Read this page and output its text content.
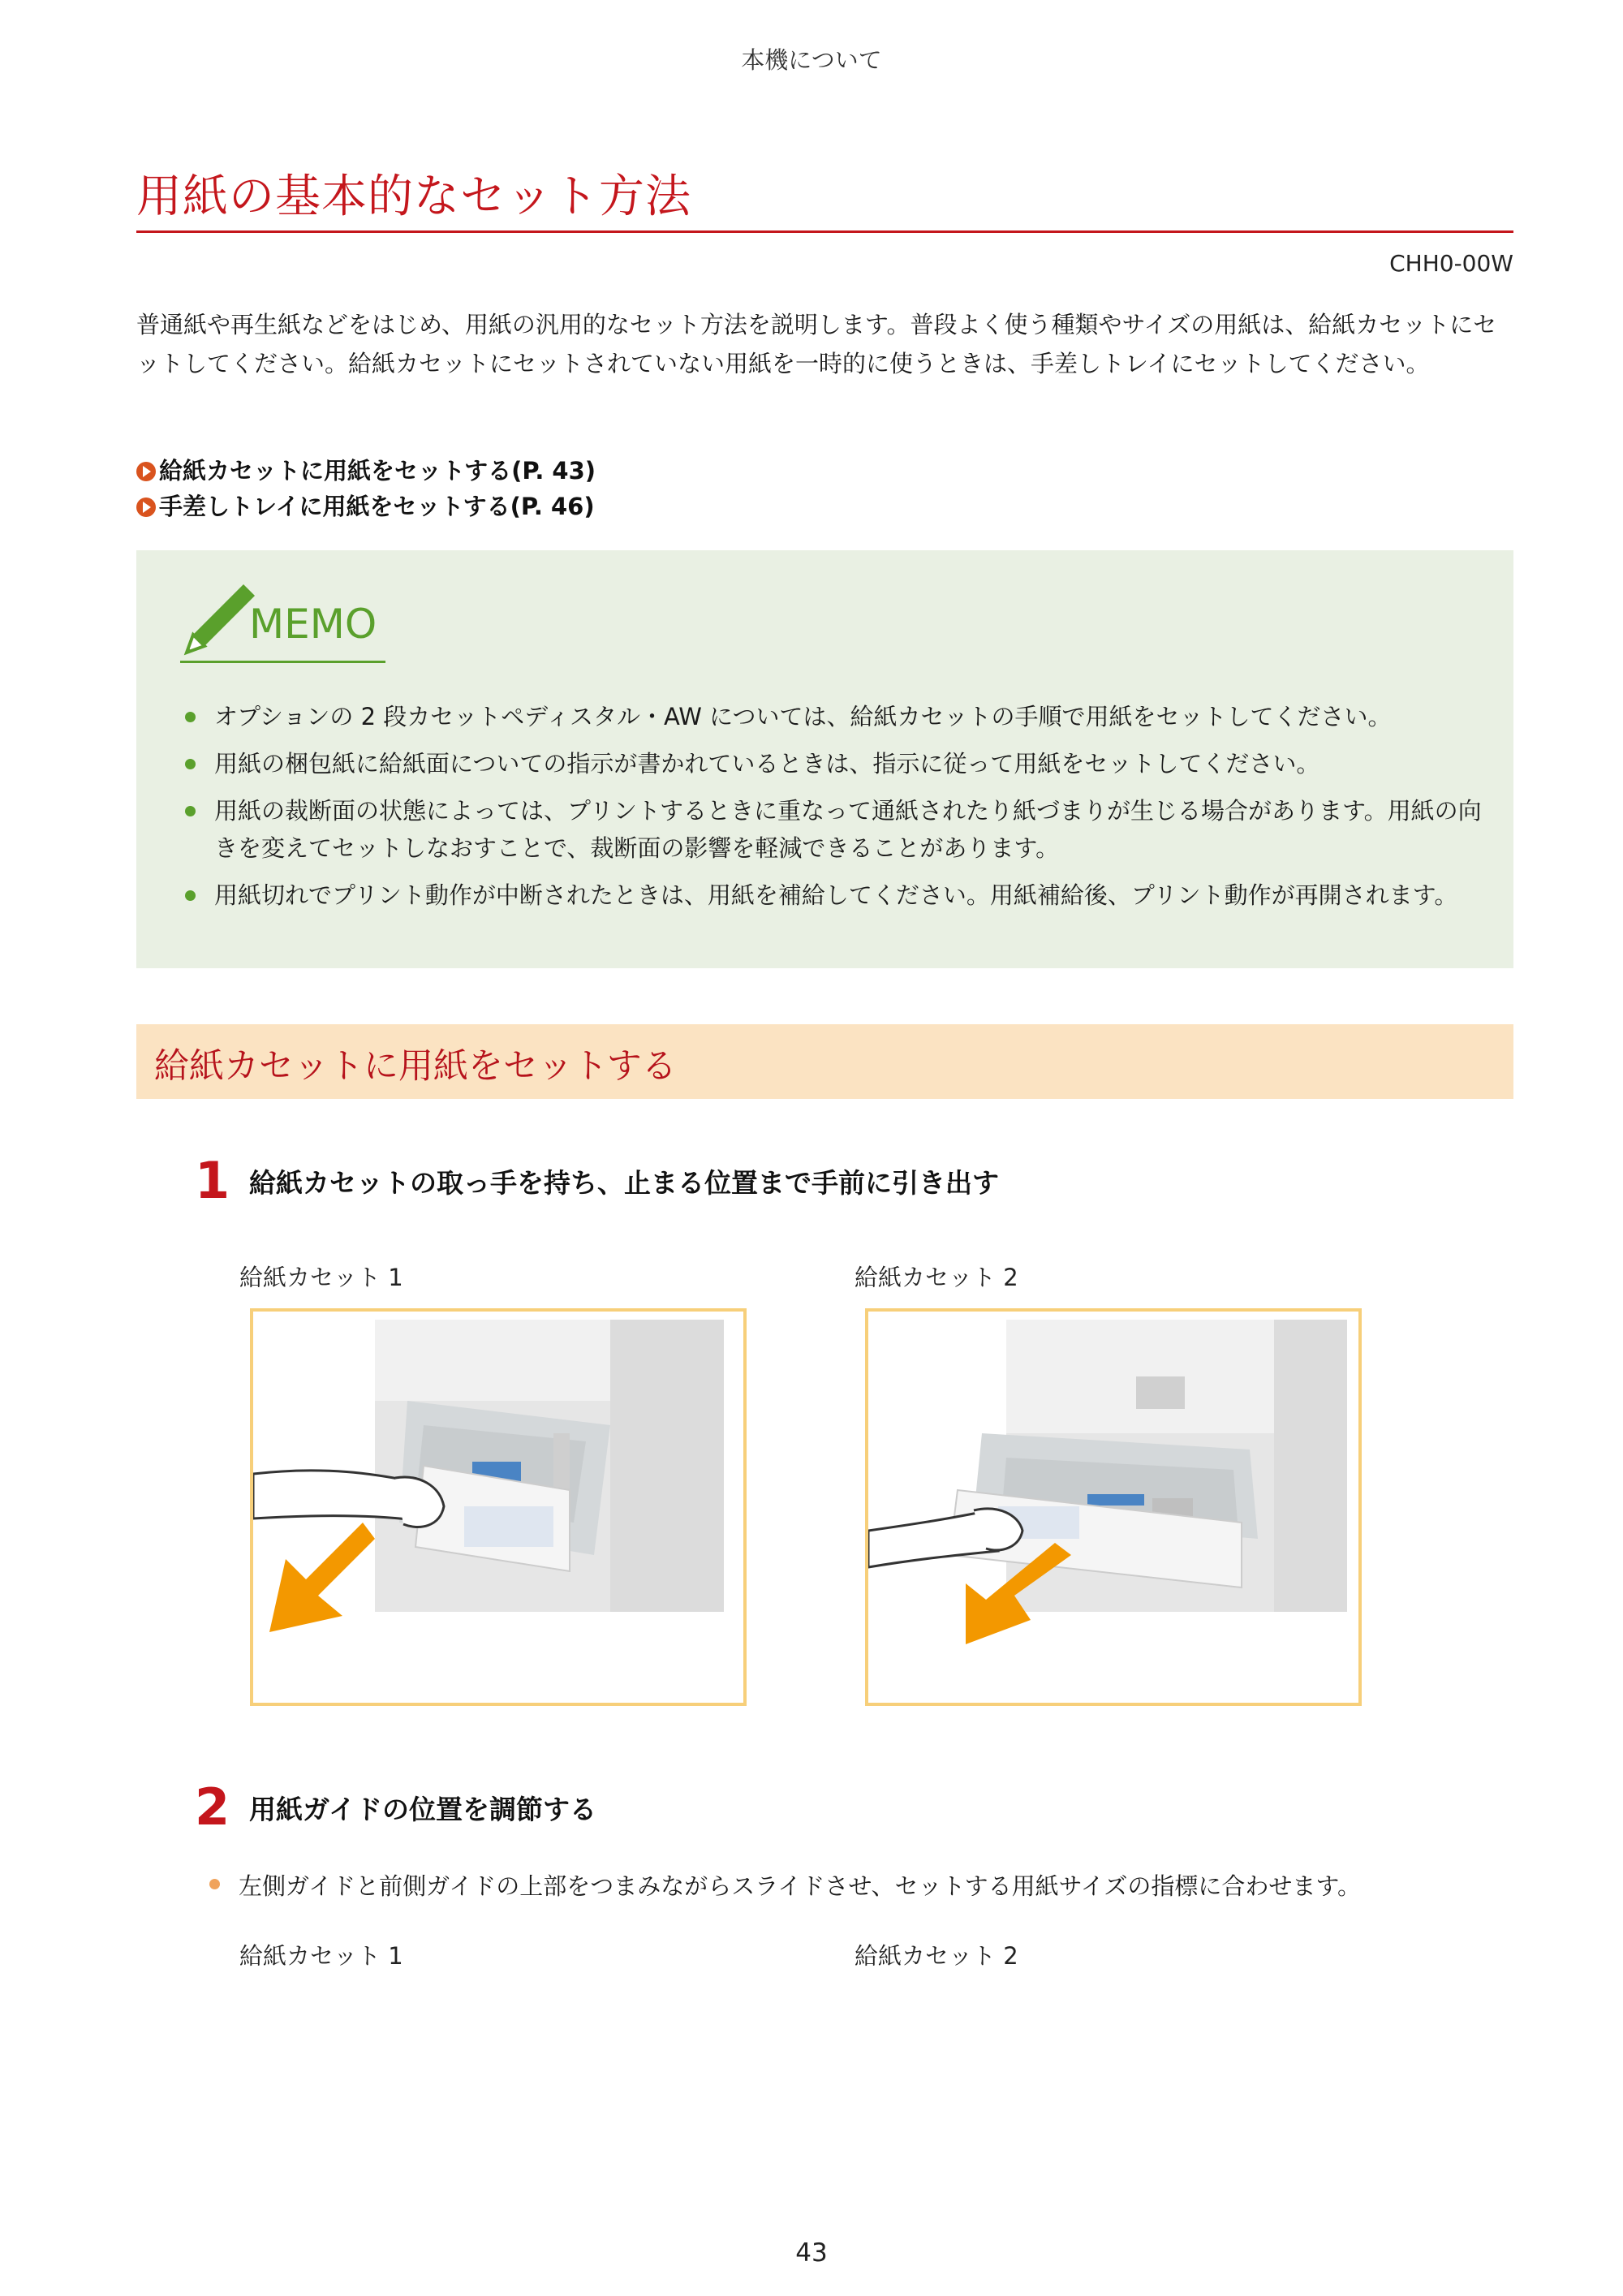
本機について
用紙の基本的なセット方法
CHH0-00W
普通紙や再生紙などをはじめ、用紙の汎用的なセット方法を説明します。普段よく使う種類やサイズの用紙は、給紙カセットにセットしてください。給紙カセットにセットされていない用紙を一時的に使うときは、手差しトレイにセットしてください。
給紙カセットに用紙をセットする(P. 43)
手差しトレイに用紙をセットする(P. 46)
MEMO
オプションの 2 段カセットペディスタル・AW については、給紙カセットの手順で用紙をセットしてください。
用紙の梱包紙に給紙面についての指示が書かれているときは、指示に従って用紙をセットしてください。
用紙の裁断面の状態によっては、プリントするときに重なって通紙されたり紙づまりが生じる場合があります。用紙の向きを変えてセットしなおすことで、裁断面の影響を軽減できることがあります。
用紙切れでプリント動作が中断されたときは、用紙を補給してください。用紙補給後、プリント動作が再開されます。
給紙カセットに用紙をセットする
1 給紙カセットの取っ手を持ち、止まる位置まで手前に引き出す
給紙カセット 1	給紙カセット 2
2 用紙ガイドの位置を調節する
左側ガイドと前側ガイドの上部をつまみながらスライドさせ、セットする用紙サイズの指標に合わせます。
給紙カセット 1	給紙カセット 2
43
